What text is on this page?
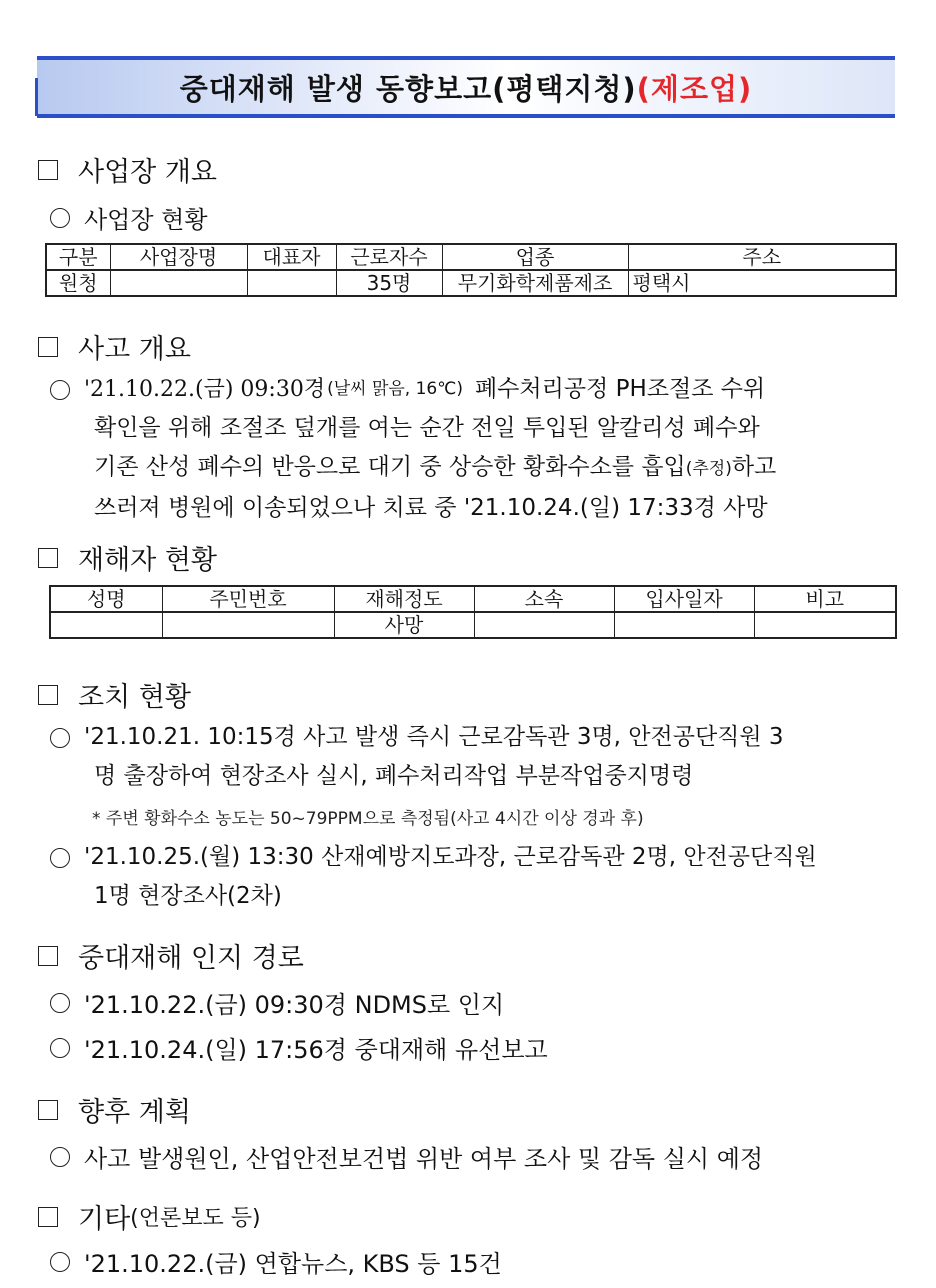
중대재해 발생 동향보고(평택지청)(제조업)
사업장 개요
사업장 현황
구분	사업장명	대표자	근로자수	업종	주소
원청			35명	무기화학제품제조	평택시
사고 개요
'21.10.22.(금) 09:30경 (날씨 맑음, 16℃) 폐수처리공정 PH조절조 수위
확인을 위해 조절조 덮개를 여는 순간 전일 투입된 알칼리성 폐수와
기존 산성 폐수의 반응으로 대기 중 상승한 황화수소를 흡입(추정)하고
쓰러져 병원에 이송되었으나 치료 중 '21.10.24.(일) 17:33경 사망
재해자 현황
성명	주민번호	재해정도	소속	입사일자	비고
		사망			
조치 현황
'21.10.21. 10:15경 사고 발생 즉시 근로감독관 3명, 안전공단직원 3
명 출장하여 현장조사 실시, 폐수처리작업 부분작업중지명령
* 주변 황화수소 농도는 50~79PPM으로 측정됨(사고 4시간 이상 경과 후)
'21.10.25.(월) 13:30 산재예방지도과장, 근로감독관 2명, 안전공단직원
1명 현장조사(2차)
중대재해 인지 경로
'21.10.22.(금) 09:30경 NDMS로 인지
'21.10.24.(일) 17:56경 중대재해 유선보고
향후 계획
사고 발생원인, 산업안전보건법 위반 여부 조사 및 감독 실시 예정
기타 (언론보도 등)
'21.10.22.(금) 연합뉴스, KBS 등 15건
